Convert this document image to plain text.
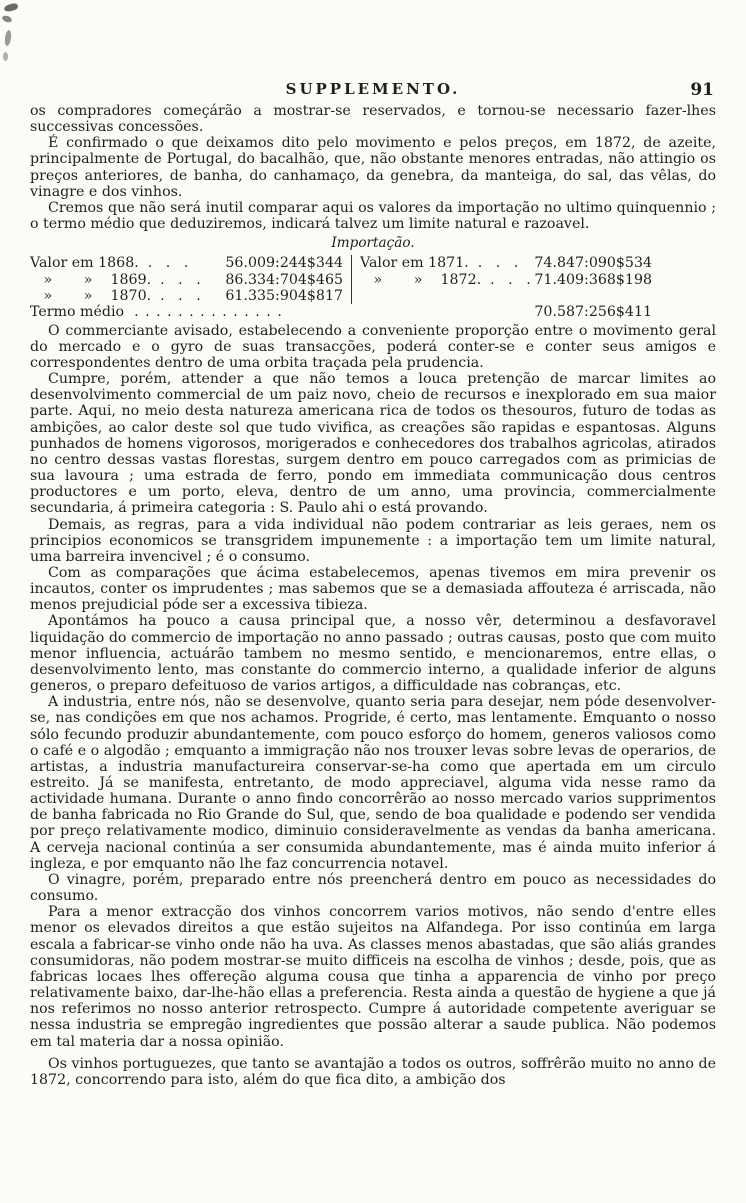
SUPPLEMENTO.	91

os compradores começárão a mostrar-se reservados, e tornou-se necessario fazer-lhes successivas concessões.

É confirmado o que deixamos dito pelo movimento e pelos preços, em 1872, de azeite, principalmente de Portugal, do bacalhão, que, não obstante menores entradas, não attingio os preços anteriores, de banha, do canhamaço, da genebra, da manteiga, do sal, das vêlas, do vinagre e dos vinhos.

Cremos que não será inutil comparar aqui os valores da importação no ultimo quinquennio ; o termo médio que deduziremos, indicará talvez um limite natural e razoavel.

Importação.
Valor em 1868.  .   .   .	56.009:244$344
»       »    1869.  .   .   . 86.334:704$465
»       »    1870.  .   .   . 61.335:904$817
Valor em 1871.  .   .   . 74.847:090$534
»       »    1872.  .   .   . 71.409:368$198
Termo médio . . . . . . . . . . . . . .	70.587:256$411

O commerciante avisado, estabelecendo a conveniente proporção entre o movimento geral do mercado e o gyro de suas transacções, poderá conter-se e conter seus amigos e correspondentes dentro de uma orbita traçada pela prudencia.

Cumpre, porém, attender a que não temos a louca pretenção de marcar limites ao desenvolvimento commercial de um paiz novo, cheio de recursos e inexplorado em sua maior parte. Aqui, no meio desta natureza americana rica de todos os thesouros, futuro de todas as ambições, ao calor deste sol que tudo vivifica, as creações são rapidas e espantosas. Alguns punhados de homens vigorosos, morigerados e conhecedores dos trabalhos agricolas, atirados no centro dessas vastas florestas, surgem dentro em pouco carregados com as primicias de sua lavoura ; uma estrada de ferro, pondo em immediata communicação dous centros productores e um porto, eleva, dentro de um anno, uma provincia, commercialmente secundaria, á primeira categoria : S. Paulo ahi o está provando.

Demais, as regras, para a vida individual não podem contrariar as leis geraes, nem os principios economicos se transgridem impunemente : a importação tem um limite natural, uma barreira invencivel ; é o consumo.

Com as comparações que ácima estabelecemos, apenas tivemos em mira prevenir os incautos, conter os imprudentes ; mas sabemos que se a demasiada affouteza é arriscada, não menos prejudicial póde ser a excessiva tibieza.

Apontámos ha pouco a causa principal que, a nosso vêr, determinou a desfavoravel liquidação do commercio de importação no anno passado ; outras causas, posto que com muito menor influencia, actuárão tambem no mesmo sentido, e mencionaremos, entre ellas, o desenvolvimento lento, mas constante do commercio interno, a qualidade inferior de alguns generos, o preparo defeituoso de varios artigos, a difficuldade nas cobranças, etc.

A industria, entre nós, não se desenvolve, quanto seria para desejar, nem póde desenvolver-se, nas condições em que nos achamos. Progride, é certo, mas lentamente. Emquanto o nosso sólo fecundo produzir abundantemente, com pouco esforço do homem, generos valiosos como o café e o algodão ; emquanto a immigração não nos trouxer levas sobre levas de operarios, de artistas, a industria manufactureira conservar-se-ha como que apertada em um circulo estreito. Já se manifesta, entretanto, de modo appreciavel, alguma vida nesse ramo da actividade humana. Durante o anno findo concorrêrão ao nosso mercado varios supprimentos de banha fabricada no Rio Grande do Sul, que, sendo de boa qualidade e podendo ser vendida por preço relativamente modico, diminuio consideravelmente as vendas da banha americana. A cerveja nacional continúa a ser consumida abundantemente, mas é ainda muito inferior á ingleza, e por emquanto não lhe faz concurrencia notavel.

O vinagre, porém, preparado entre nós preencherá dentro em pouco as necessidades do consumo.

Para a menor extracção dos vinhos concorrem varios motivos, não sendo d'entre elles menor os elevados direitos a que estão sujeitos na Alfandega. Por isso continúa em larga escala a fabricar-se vinho onde não ha uva. As classes menos abastadas, que são aliás grandes consumidoras, não podem mostrar-se muito difficeis na escolha de vinhos ; desde, pois, que as fabricas locaes lhes offereção alguma cousa que tinha a apparencia de vinho por preço relativamente baixo, dar-lhe-hão ellas a preferencia. Resta ainda a questão de hygiene a que já nos referimos no nosso anterior retrospecto. Cumpre á autoridade competente averiguar se nessa industria se empregão ingredientes que possão alterar a saude publica. Não podemos em tal materia dar a nossa opinião.

Os vinhos portuguezes, que tanto se avantajão a todos os outros, soffrêrão muito no anno de 1872, concorrendo para isto, além do que fica dito, a ambição dos
